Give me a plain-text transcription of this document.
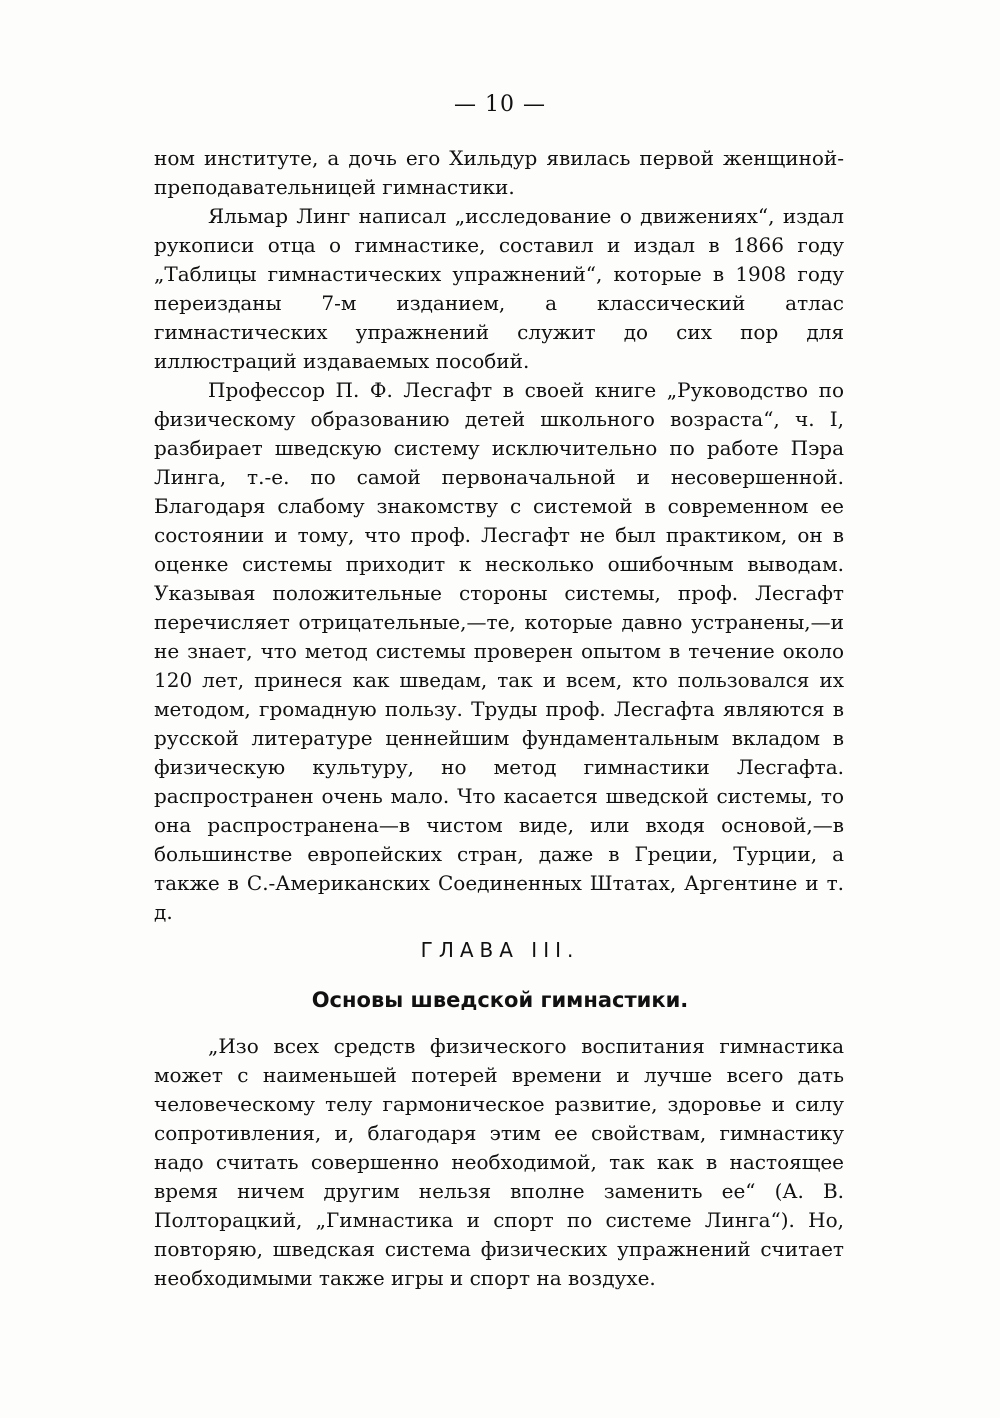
— 10 —

ном институте, а дочь его Хильдур явилась первой женщиной-преподавательницей гимнастики.

Яльмар Линг написал „исследование о движениях“, издал рукописи отца о гимнастике, составил и издал в 1866 году „Таблицы гимнастических упражнений“, которые в 1908 году переизданы 7-м изданием, а классический атлас гимнастических упражнений служит до сих пор для иллюстраций издаваемых пособий.

Профессор П. Ф. Лесгафт в своей книге „Руководство по физическому образованию детей школьного возраста“, ч. I, разбирает шведскую систему исключительно по работе Пэра Линга, т.-е. по самой первоначальной и несовершенной. Благодаря слабому знакомству с системой в современном ее состоянии и тому, что проф. Лесгафт не был практиком, он в оценке системы приходит к несколько ошибочным выводам. Указывая положительные стороны системы, проф. Лесгафт перечисляет отрицательные,—те, которые давно устранены,—и не знает, что метод системы проверен опытом в течение около 120 лет, принеся как шведам, так и всем, кто пользовался их методом, громадную пользу. Труды проф. Лесгафта являются в русской литературе ценнейшим фундаментальным вкладом в физическую культуру, но метод гимнастики Лесгафта. распространен очень мало. Что касается шведской системы, то она распространена—в чистом виде, или входя основой,—в большинстве европейских стран, даже в Греции, Турции, а также в С.-Американских Соединенных Штатах, Аргентине и т. д.

ГЛАВА III.
Основы шведской гимнастики.

„Изо всех средств физического воспитания гимнастика может с наименьшей потерей времени и лучше всего дать человеческому телу гармоническое развитие, здоровье и силу сопротивления, и, благодаря этим ее свойствам, гимнастику надо считать совершенно необходимой, так как в настоящее время ничем другим нельзя вполне заменить ее“ (А. В. Полторацкий, „Гимнастика и спорт по системе Линга“). Но, повторяю, шведская система физических упражнений считает необходимыми также игры и спорт на воздухе.
